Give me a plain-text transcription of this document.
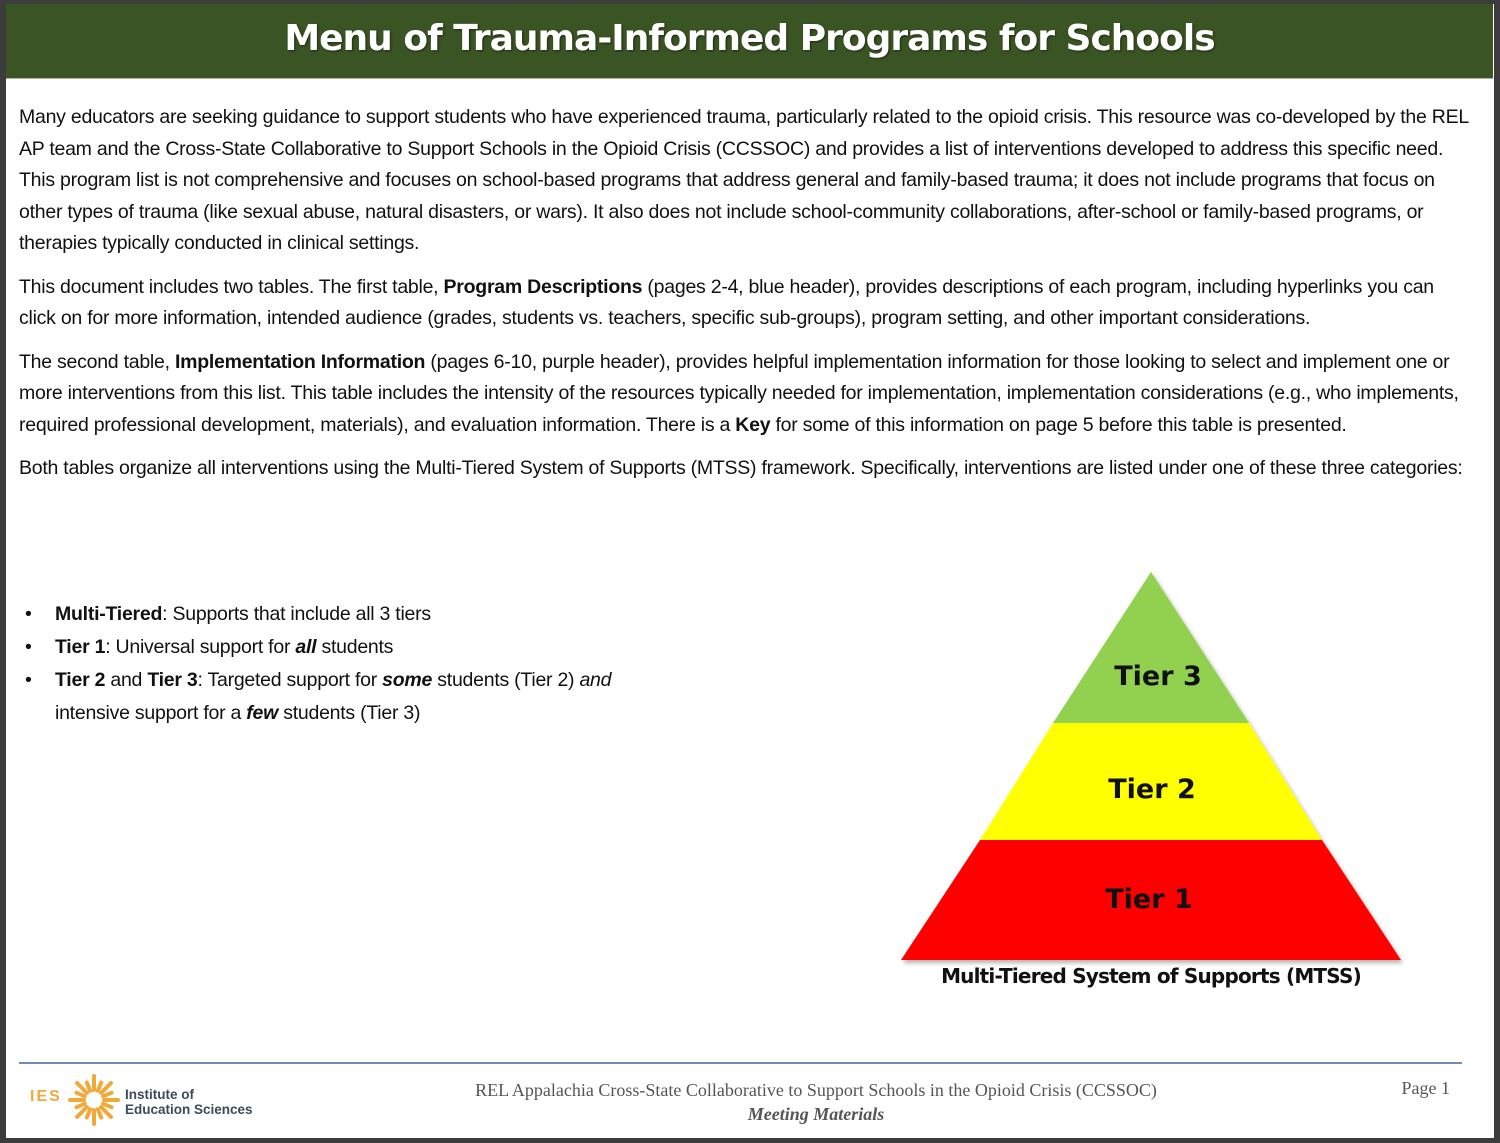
Menu of Trauma-Informed Programs for Schools

Many educators are seeking guidance to support students who have experienced trauma, particularly related to the opioid crisis. This resource was co-developed by the REL AP team and the Cross-State Collaborative to Support Schools in the Opioid Crisis (CCSSOC) and provides a list of interventions developed to address this specific need. This program list is not comprehensive and focuses on school-based programs that address general and family-based trauma; it does not include programs that focus on other types of trauma (like sexual abuse, natural disasters, or wars). It also does not include school-community collaborations, after-school or family-based programs, or therapies typically conducted in clinical settings.

This document includes two tables. The first table, Program Descriptions (pages 2-4, blue header), provides descriptions of each program, including hyperlinks you can click on for more information, intended audience (grades, students vs. teachers, specific sub-groups), program setting, and other important considerations.

The second table, Implementation Information (pages 6-10, purple header), provides helpful implementation information for those looking to select and implement one or more interventions from this list. This table includes the intensity of the resources typically needed for implementation, implementation considerations (e.g., who implements, required professional development, materials), and evaluation information. There is a Key for some of this information on page 5 before this table is presented.

Both tables organize all interventions using the Multi-Tiered System of Supports (MTSS) framework. Specifically, interventions are listed under one of these three categories:

•	Multi-Tiered: Supports that include all 3 tiers
•	Tier 1: Universal support for all students
•	Tier 2 and Tier 3: Targeted support for some students (Tier 2) and
intensive support for a few students (Tier 3)
Tier 3
Tier 2
Tier 1
Multi-Tiered System of Supports (MTSS)
IES	Institute of
Education Sciences
REL Appalachia Cross-State Collaborative to Support Schools in the Opioid Crisis (CCSSOC)
Meeting Materials
Page 1
